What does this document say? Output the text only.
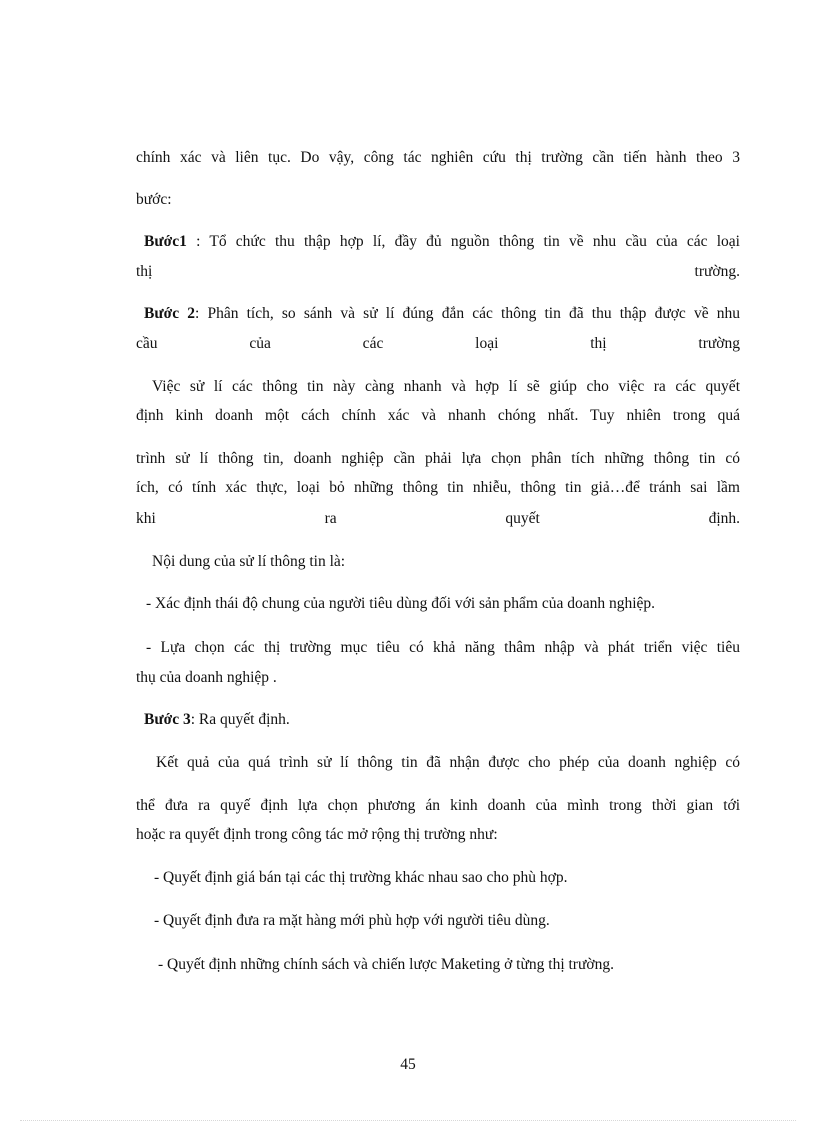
chính xác và liên tục. Do vậy, công tác nghiên cứu thị trường cần tiến hành theo 3

bước:

Bước1 : Tổ chức thu thập hợp lí, đầy đủ nguồn thông tin về nhu cầu của các loại

thị	trường.

Bước 2: Phân tích, so sánh và sử lí đúng đắn các thông tin đã thu thập được về nhu

cầu của các loại thị trường

Việc sử lí các thông tin này càng nhanh và hợp lí sẽ giúp cho việc ra các quyết

định kinh doanh một cách chính xác và nhanh chóng nhất. Tuy nhiên trong quá

trình sử lí thông tin, doanh nghiệp cần phải lựa chọn phân tích những thông tin có

ích, có tính xác thực, loại bỏ những thông tin nhiễu, thông tin giả…để tránh sai lầm

khi ra quyết định.

Nội dung của sử lí thông tin là:

- Xác định thái độ chung của người tiêu dùng đối với sản phẩm của doanh nghiệp.

- Lựa chọn các thị trường mục tiêu có khả năng thâm nhập và phát triển việc tiêu

thụ của doanh nghiệp .

Bước 3: Ra quyết định.

Kết quả của quá trình sử lí thông tin đã nhận được cho phép của doanh nghiệp có

thể đưa ra quyế định lựa chọn phương án kinh doanh của mình trong thời gian tới

hoặc ra quyết định trong công tác mở rộng thị trường như:

- Quyết định giá bán tại các thị trường khác nhau sao cho phù hợp.

- Quyết định đưa ra mặt hàng mới phù hợp với người tiêu dùng.

- Quyết định những chính sách và chiến lược Maketing ở từng thị trường.

45
